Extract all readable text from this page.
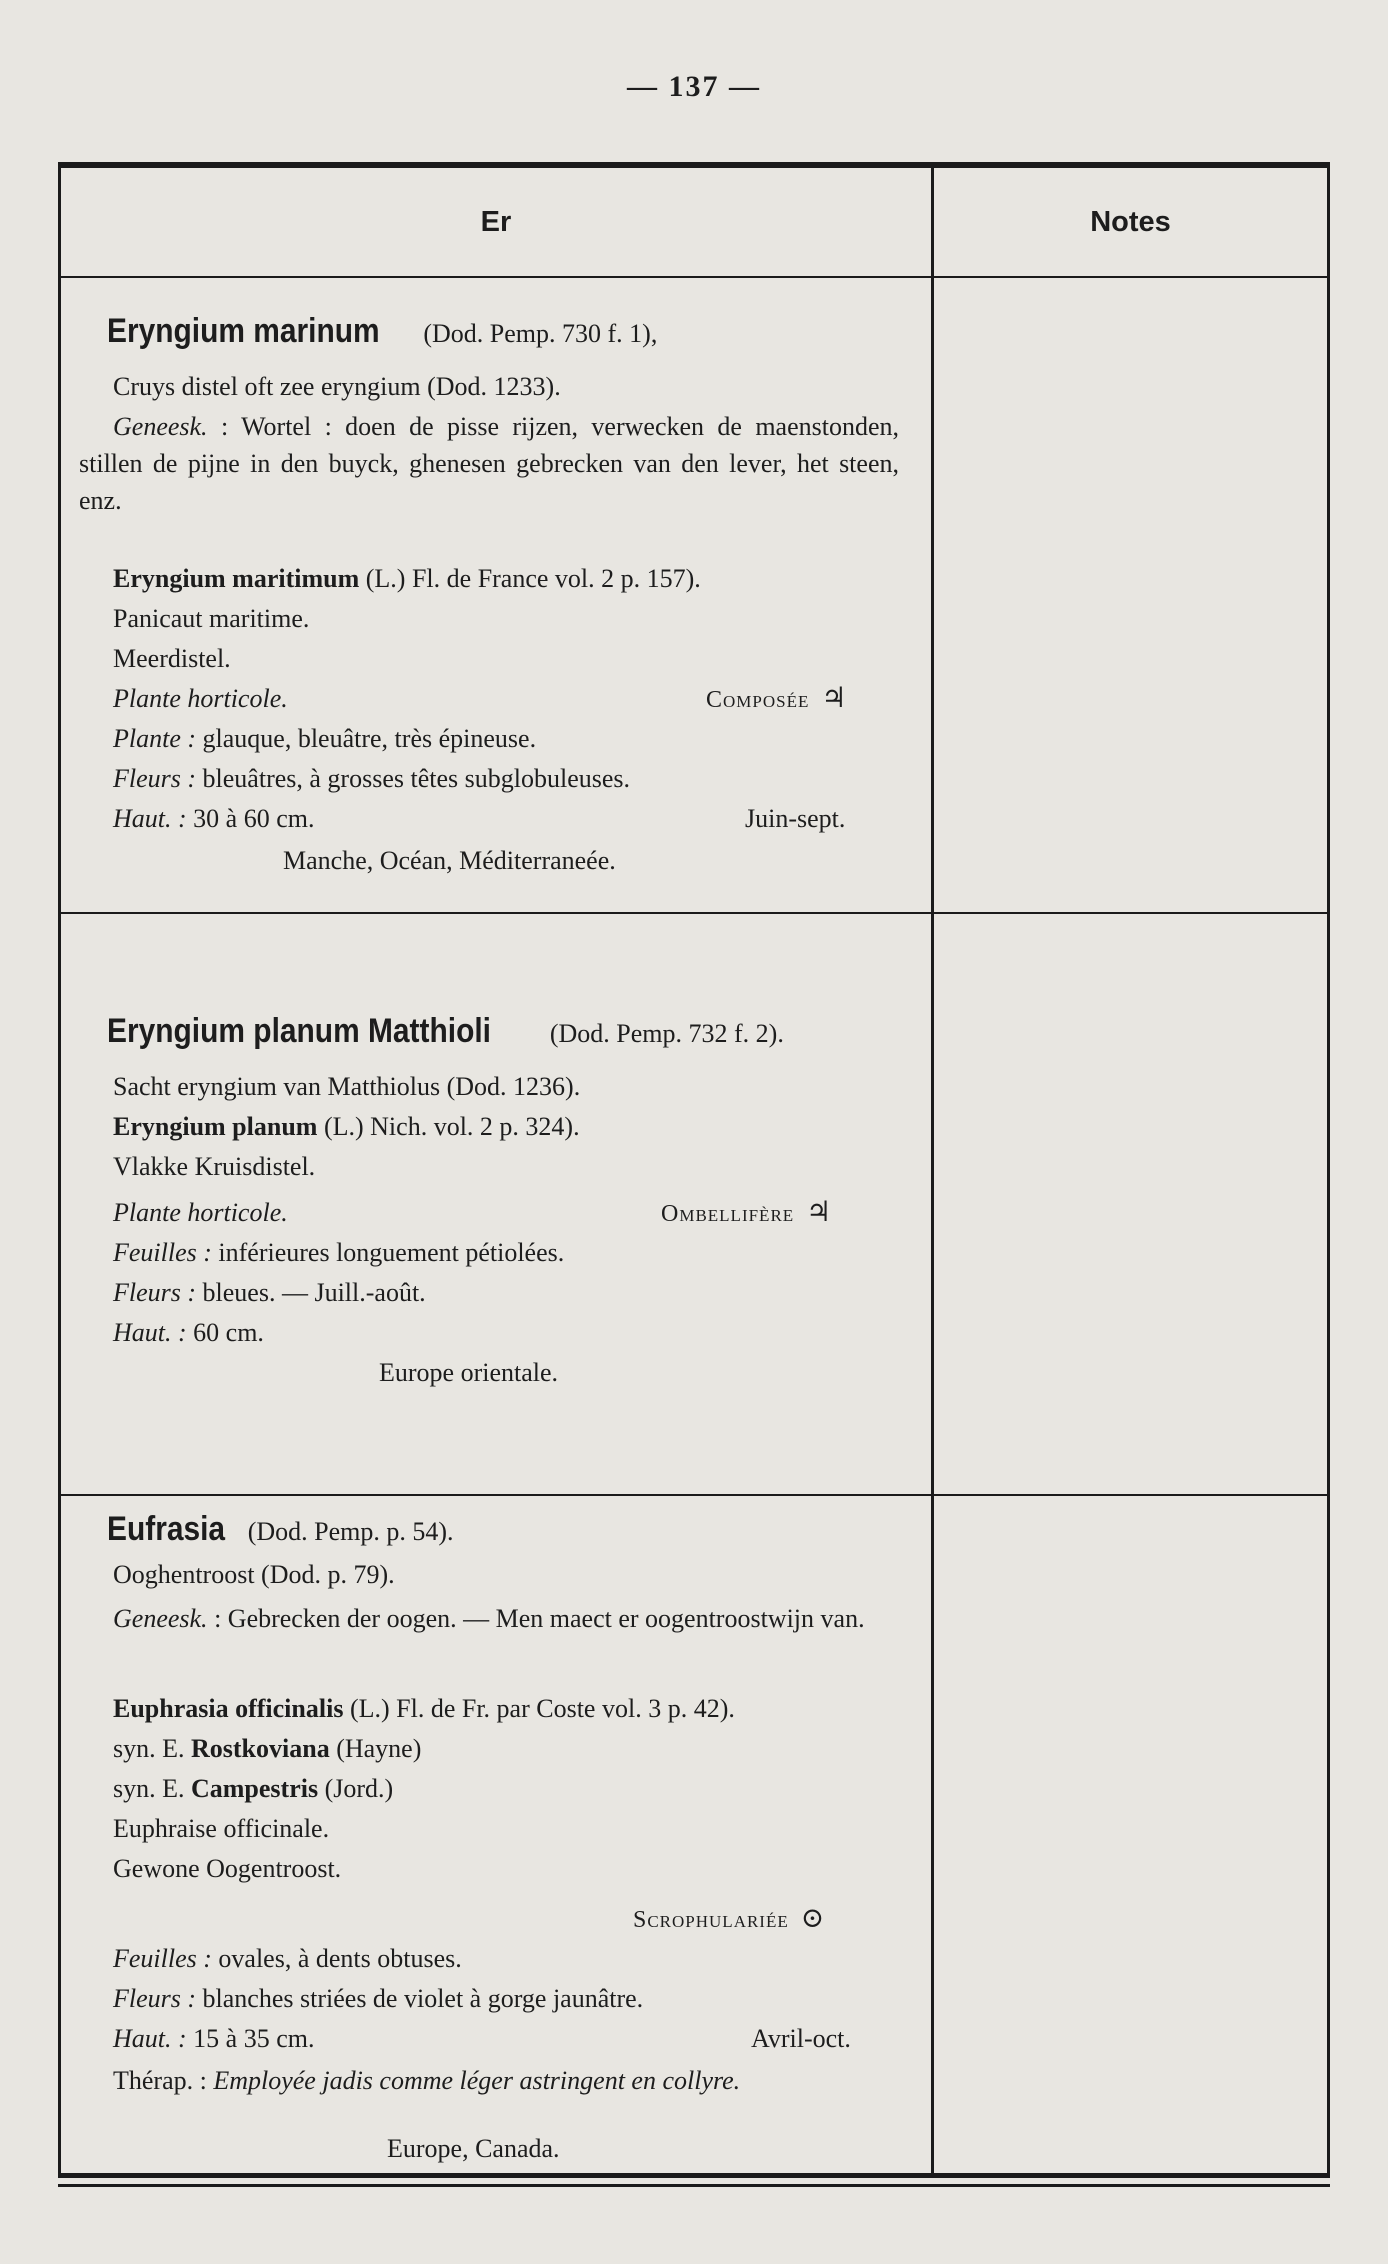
— 137 —
Er	Notes
Eryngium marinum (Dod. Pemp. 730 f. 1),
Cruys distel oft zee eryngium (Dod. 1233).
Geneesk. : Wortel : doen de pisse rijzen, verwecken de maenstonden, stillen de pijne in den buyck, ghenesen gebrecken van den lever, het steen, enz.
Eryngium maritimum (L.) Fl. de France vol. 2 p. 157).
Panicaut maritime.
Meerdistel.
Plante horticole.	Composée ♃
Plante : glauque, bleuâtre, très épineuse.
Fleurs : bleuâtres, à grosses têtes subglobuleuses.
Haut. : 30 à 60 cm.	Juin-sept.
Manche, Océan, Méditerraneée.
Eryngium planum Matthioli (Dod. Pemp. 732 f. 2).
Sacht eryngium van Matthiolus (Dod. 1236).
Eryngium planum (L.) Nich. vol. 2 p. 324).
Vlakke Kruisdistel.
Plante horticole.	Ombellifère ♃
Feuilles : inférieures longuement pétiolées.
Fleurs : bleues. — Juill.-août.
Haut. : 60 cm.
Europe orientale.
Eufrasia (Dod. Pemp. p. 54).
Ooghentroost (Dod. p. 79).
Geneesk. : Gebrecken der oogen. — Men maect er oogentroostwijn van.
Euphrasia officinalis (L.) Fl. de Fr. par Coste vol. 3 p. 42).
syn. E. Rostkoviana (Hayne)
syn. E. Campestris (Jord.)
Euphraise officinale.
Gewone Oogentroost.
Scrophulariée ⊙
Feuilles : ovales, à dents obtuses.
Fleurs : blanches striées de violet à gorge jaunâtre.
Haut. : 15 à 35 cm.	Avril-oct.
Thérap. : Employée jadis comme léger astringent en collyre.
Europe, Canada.
